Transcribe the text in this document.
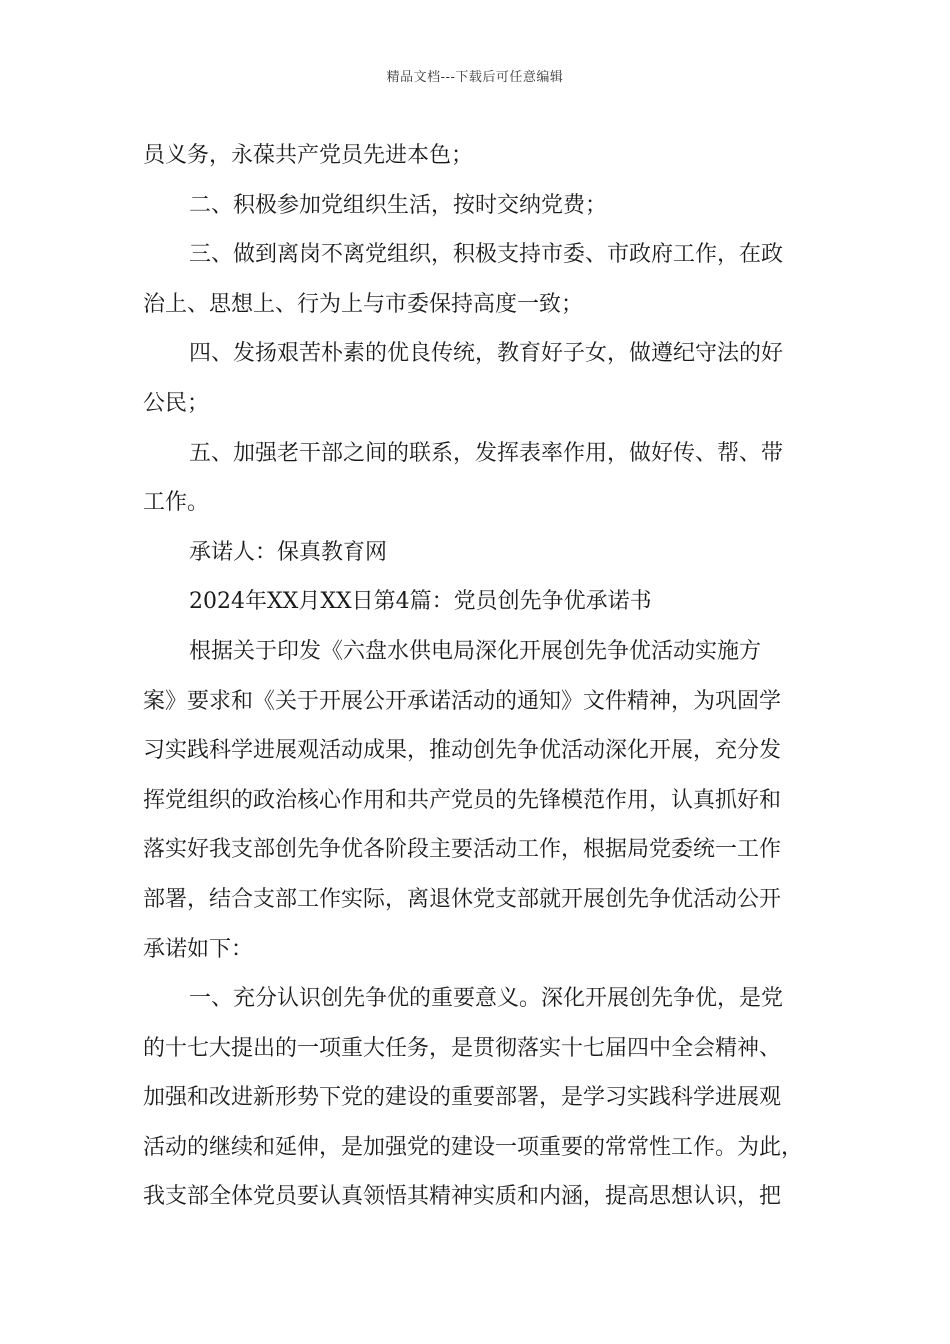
精品文档---下载后可任意编辑
员义务，永葆共产党员先进本色；
二、积极参加党组织生活，按时交纳党费；
三、做到离岗不离党组织，积极支持市委、市政府工作，在政
治上、思想上、行为上与市委保持高度一致；
四、发扬艰苦朴素的优良传统，教育好子女，做遵纪守法的好
公民；
五、加强老干部之间的联系，发挥表率作用，做好传、帮、带
工作。
承诺人：保真教育网
2024年XX月XX日第4篇：党员创先争优承诺书
根据关于印发《六盘水供电局深化开展创先争优活动实施方
案》要求和《关于开展公开承诺活动的通知》文件精神，为巩固学
习实践科学进展观活动成果，推动创先争优活动深化开展，充分发
挥党组织的政治核心作用和共产党员的先锋模范作用，认真抓好和
落实好我支部创先争优各阶段主要活动工作，根据局党委统一工作
部署，结合支部工作实际，离退休党支部就开展创先争优活动公开
承诺如下：
一、充分认识创先争优的重要意义。深化开展创先争优，是党
的十七大提出的一项重大任务，是贯彻落实十七届四中全会精神、
加强和改进新形势下党的建设的重要部署，是学习实践科学进展观
活动的继续和延伸，是加强党的建设一项重要的常常性工作。为此，
我支部全体党员要认真领悟其精神实质和内涵，提高思想认识，把
